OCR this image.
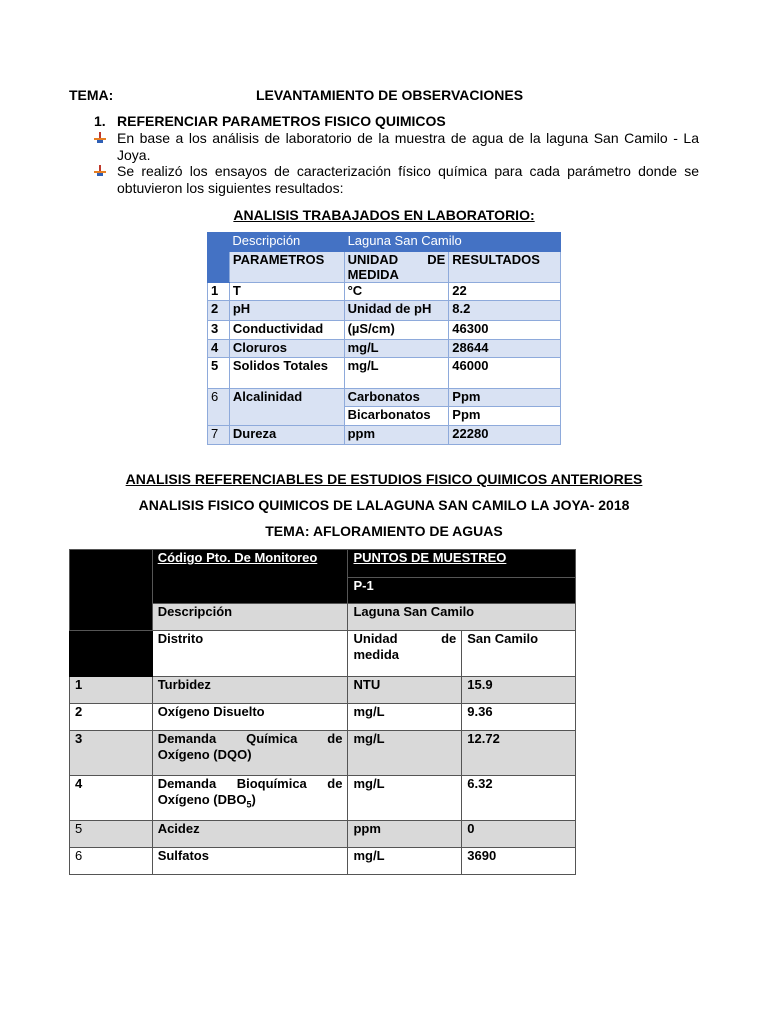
TEMA:	LEVANTAMIENTO DE OBSERVACIONES
1. REFERENCIAR PARAMETROS FISICO QUIMICOS
En base a los análisis de laboratorio de la muestra de agua de la laguna San Camilo - La
Joya.
Se realizó los ensayos de caracterización físico química para cada parámetro donde se
obtuvieron los siguientes resultados:
ANALISIS TRABAJADOS EN LABORATORIO:
	Descripción	Laguna San Camilo	
	PARAMETROS	UNIDAD DE
MEDIDA	RESULTADOS
1	T	°C	22
2	pH	Unidad de pH	8.2
3	Conductividad	(µS/cm)	46300
4	Cloruros	mg/L	28644
5	Solidos Totales	mg/L	46000
6	Alcalinidad	Carbonatos	Ppm
		Bicarbonatos	Ppm
7	Dureza	ppm	22280
ANALISIS REFERENCIABLES DE ESTUDIOS FISICO QUIMICOS ANTERIORES
ANALISIS FISICO QUIMICOS DE LALAGUNA SAN CAMILO LA JOYA- 2018
TEMA: AFLORAMIENTO DE AGUAS
	Código Pto. De Monitoreo	PUNTOS DE MUESTREO	
		P-1	
	Descripción	Laguna San Camilo	
	Distrito	Unidad de
medida	San Camilo
1	Turbidez	NTU	15.9
2	Oxígeno Disuelto	mg/L	9.36
3	Demanda Química de
Oxígeno (DQO)	mg/L	12.72
4	Demanda Bioquímica de
Oxígeno $(DBO_5)$	mg/L	6.32
5	Acidez	ppm	0
6	Sulfatos	mg/L	3690
